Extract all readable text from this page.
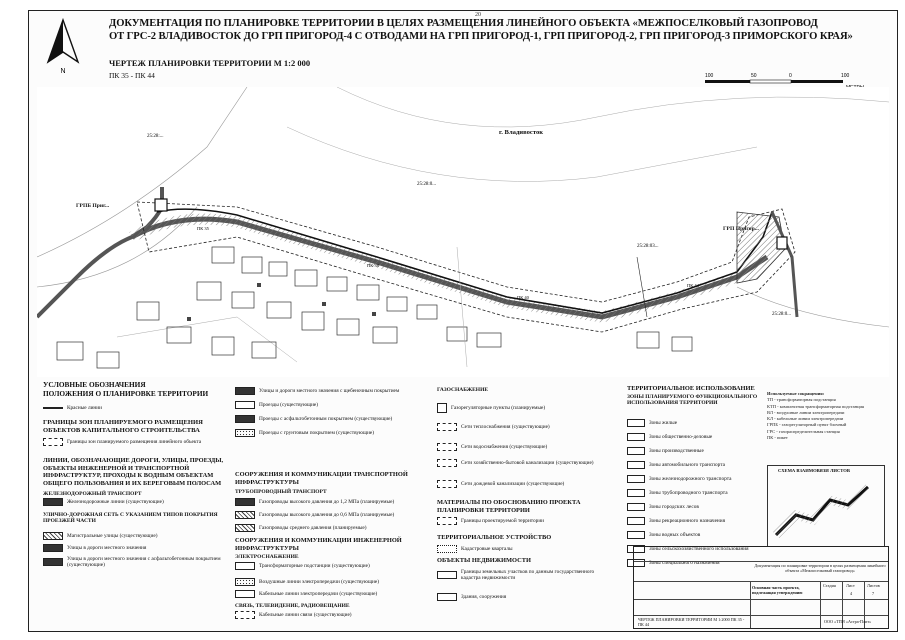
20
N
ДОКУМЕНТАЦИЯ ПО ПЛАНИРОВКЕ ТЕРРИТОРИИ В ЦЕЛЯХ РАЗМЕЩЕНИЯ ЛИНЕЙНОГО ОБЪЕКТА «МЕЖПОСЕЛКОВЫЙ ГАЗОПРОВОД
ОТ ГРС-2 ВЛАДИВОСТОК ДО ГРП ПРИГОРОД-4 С ОТВОДАМИ НА ГРП ПРИГОРОД-1, ГРП ПРИГОРОД-2, ГРП ПРИГОРОД-3 ПРИМОРСКОГО КРАЯ»
ЧЕРТЕЖ ПЛАНИРОВКИ ТЕРРИТОРИИ М 1:2 000
ПК 35 - ПК 44	100	50	0	100
25:28:...
25:28:0...
25:28:03...
25:28:0...
ПК 35
ПК 38
ПК 40
ПК 44
г. Владивосток
ГРПБ Приг...
ГРП Пригор...
УСЛОВНЫЕ ОБОЗНАЧЕНИЯ
ПОЛОЖЕНИЯ О ПЛАНИРОВКЕ ТЕРРИТОРИИ
Красные линии
ГРАНИЦЫ ЗОН ПЛАНИРУЕМОГО РАЗМЕЩЕНИЯ ОБЪЕКТОВ КАПИТАЛЬНОГО СТРОИТЕЛЬСТВА
Границы зон планируемого размещения линейного объекта
ЛИНИИ, ОБОЗНАЧАЮЩИЕ ДОРОГИ, УЛИЦЫ, ПРОЕЗДЫ, ОБЪЕКТЫ ИНЖЕНЕРНОЙ И ТРАНСПОРТНОЙ ИНФРАСТРУКТУР, ПРОХОДЫ К ВОДНЫМ ОБЪЕКТАМ ОБЩЕГО ПОЛЬЗОВАНИЯ И ИХ БЕРЕГОВЫМ ПОЛОСАМ
ЖЕЛЕЗНОДОРОЖНЫЙ ТРАНСПОРТ
Железнодорожные линии (существующие)
УЛИЧНО-ДОРОЖНАЯ СЕТЬ С УКАЗАНИЕМ ТИПОВ ПОКРЫТИЯ ПРОЕЗЖЕЙ ЧАСТИ
Магистральные улицы (существующие)
Улицы в дороги местного значения
Улицы в дороги местного значения с асфальтобетонным покрытием (существующие)
Улицы и дороги местного значения с щебеночным покрытием
Проезды (существующие)
Проезды с асфальтобетонным покрытием (существующие)
Проезды с грунтовым покрытием (существующие)
СООРУЖЕНИЯ И КОММУНИКАЦИИ ТРАНСПОРТНОЙ ИНФРАСТРУКТУРЫ
ТРУБОПРОВОДНЫЙ ТРАНСПОРТ
Газопроводы высокого давления до 1,2 МПа (планируемые)
Газопроводы высокого давления до 0,6 МПа (планируемые)
Газопроводы среднего давления (планируемые)
СООРУЖЕНИЯ И КОММУНИКАЦИИ ИНЖЕНЕРНОЙ ИНФРАСТРУКТУРЫ
ЭЛЕКТРОСНАБЖЕНИЕ
Трансформаторные подстанции (существующие)
Воздушные линии электропередачи (существующие)
Кабельные линии электропередачи (существующие)
СВЯЗЬ, ТЕЛЕВИДЕНИЕ, РАДИОВЕЩАНИЕ
Кабельные линии связи (существующие)
ГАЗОСНАБЖЕНИЕ
Газорегуляторные пункты (планируемые)
Сети теплоснабжения (существующие)
Сети водоснабжения (существующие)
Сети хозяйственно-бытовой канализации (существующие)
Сети дождевой канализации (существующие)
МАТЕРИАЛЫ ПО ОБОСНОВАНИЮ ПРОЕКТА ПЛАНИРОВКИ ТЕРРИТОРИИ
Границы проектируемой территории
ТЕРРИТОРИАЛЬНОЕ УСТРОЙСТВО
Кадастровые кварталы
ОБЪЕКТЫ НЕДВИЖИМОСТИ
Границы земельных участков по данным государственного кадастра недвижимости
Здания, сооружения
ТЕРРИТОРИАЛЬНОЕ ИСПОЛЬЗОВАНИЕ
ЗОНЫ ПЛАНИРУЕМОГО ФУНКЦИОНАЛЬНОГО ИСПОЛЬЗОВАНИЯ ТЕРРИТОРИИ
Зоны жилые
Зоны общественно-деловые
Зоны производственные
Зоны автомобильного транспорта
Зоны железнодорожного транспорта
Зоны трубопроводного транспорта
Зоны городских лесов
Зоны рекреационного назначения
Зоны водных объектов
Зоны сельскохозяйственного использования
Зоны специального назначения
Используемые сокращения:
ТП - трансформаторная подстанция
КТП - комплектная трансформаторная подстанция
ВЛ - воздушные линии электропередачи
КЛ - кабельные линии электропередачи
ГРПБ - газорегуляторный пункт блочный
ГРС - газораспределительная станция
ПК - пикет
СХЕМА ВЗАИМОВЯЗИ ЛИСТОВ
Документация по планировке территории в целях размещения линейного объекта «Межпоселковый газопровод»
Основная часть проекта, подлежащая утверждению
Стадия Лист	Листов
4	7
ЧЕРТЕЖ ПЛАНИРОВКИ ТЕРРИТОРИИ М 1:2000 ПК 35 - ПК 44
ООО «ТПИ «Астра-Плит»
